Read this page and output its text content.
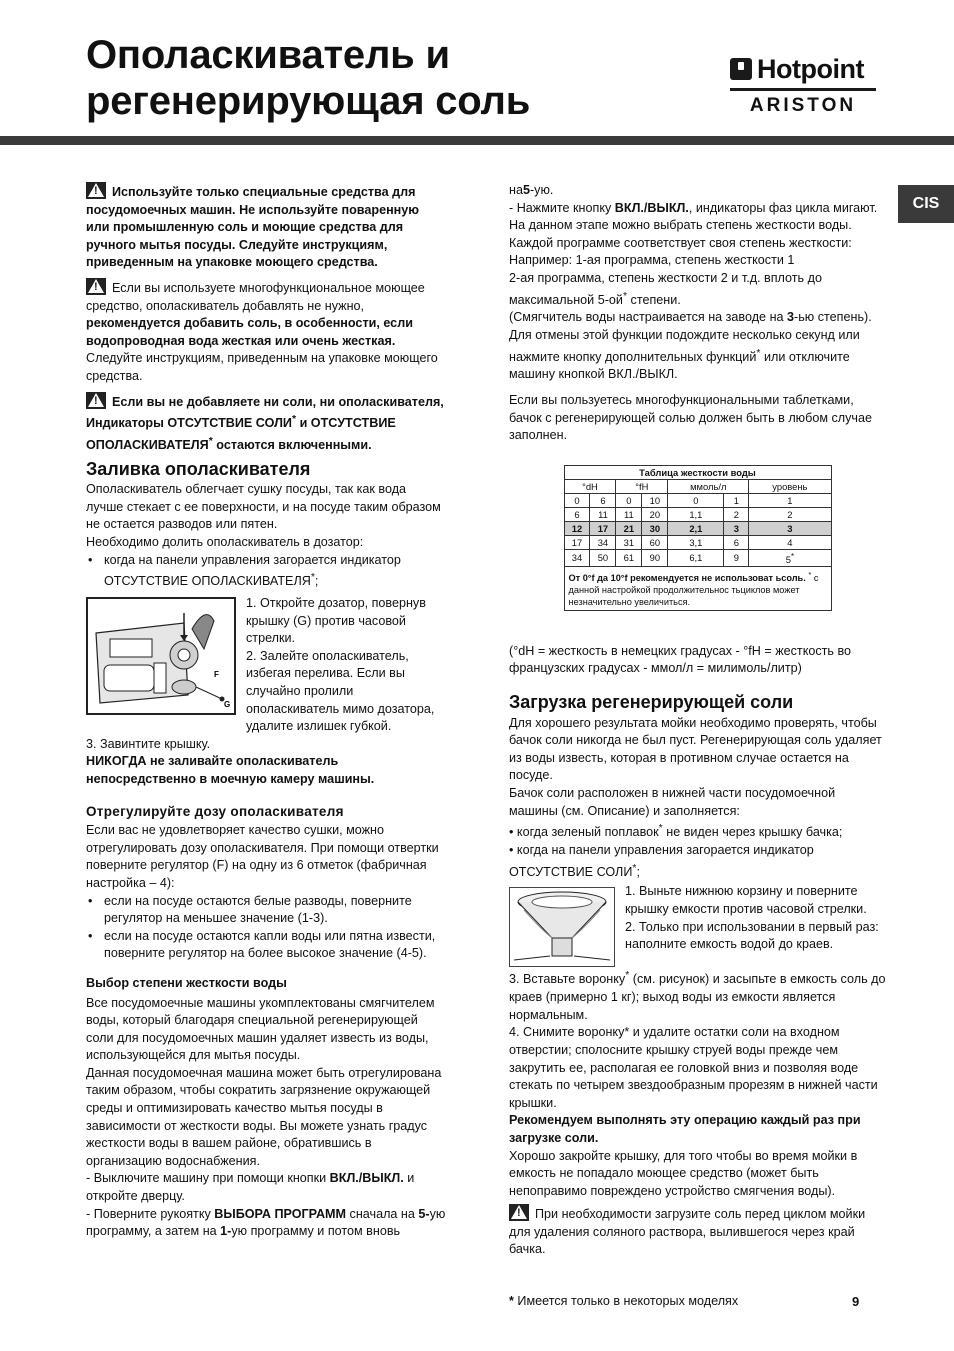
Ополаскиватель и
регенерирующая соль
Hotpoint
ARISTON
CIS

!Используйте только специальные средства для посудомоечных машин. Не используйте поваренную или промышленную соль и моющие средства для ручного мытья посуды. Следуйте инструкциям, приведенным на упаковке моющего средства.

!Если вы используете многофункциональное моющее средство, ополаскиватель добавлять не нужно, рекомендуется добавить соль, в особенности, если водопроводная вода жесткая или очень жесткая. Следуйте инструкциям, приведенным на упаковке моющего средства.

!Если вы не добавляете ни соли, ни ополаскивателя, Индикаторы ОТСУТСТВИЕ СОЛИ* и ОТСУТСТВИЕ ОПОЛАСКИВАТЕЛЯ* остаются включенными.

Заливка ополаскивателя

Ополаскиватель облегчает сушку посуды, так как вода лучше стекает с ее поверхности, и на посуде таким образом не остается разводов или пятен.

Необходимо долить ополаскиватель в дозатор:

• когда на панели управления загорается индикатор ОТСУТСТВИЕ ОПОЛАСКИВАТЕЛЯ*;

F
G

1. Откройте дозатор, повернув крышку (G) против часовой стрелки.

2. Залейте ополаскиватель, избегая перелива. Если вы случайно пролили ополаскиватель мимо дозатора, удалите излишек губкой.

3. Завинтите крышку.

НИКОГДА не заливайте ополаскиватель непосредственно в моечную камеру машины.

Отрегулируйте дозу ополаскивателя

Если вас не удовлетворяет качество сушки, можно отрегулировать дозу ополаскивателя. При помощи отвертки поверните регулятор (F) на одну из 6 отметок (фабричная настройка – 4):

• если на посуде остаются белые разводы, поверните регулятор на меньшее значение (1-3).

• если на посуде остаются капли воды или пятна извести, поверните регулятор на более высокое значение (4-5).

Выбор степени жесткости воды

Все посудомоечные машины укомплектованы смягчителем воды, который благодаря специальной регенерирующей соли для посудомоечных машин удаляет известь из воды, использующейся для мытья посуды.

Данная посудомоечная машина может быть отрегулирована таким образом, чтобы сократить загрязнение окружающей среды и оптимизировать качество мытья посуды в зависимости от жесткости воды. Вы можете узнать градус жесткости воды в вашем районе, обратившись в организацию водоснабжения.

- Выключите машину при помощи кнопки ВКЛ./ВЫКЛ. и откройте дверцу.

- Поверните рукоятку ВЫБОРА ПРОГРАММ сначала на 5-ую программу, а затем на 1-ую программу и потом вновь

на5-ую.

- Нажмите кнопку ВКЛ./ВЫКЛ., индикаторы фаз цикла мигают. На данном этапе можно выбрать степень жесткости воды. Каждой программе соответствует своя степень жесткости:

Например: 1-ая программа, степень жесткости 1

2-ая программа, степень жесткости 2 и т.д. вплоть до максимальной 5-ой* степени.

(Смягчитель воды настраивается на заводе на 3-ью степень).

Для отмены этой функции подождите несколько секунд или нажмите кнопку дополнительных функций* или отключите машину кнопкой ВКЛ./ВЫКЛ.

Если вы пользуетесь многофункциональными таблетками, бачок с регенерирующей солью должен быть в любом случае заполнен.

Таблица жесткости воды						
°dH		°fH		ммоль/л		уровень
0	6	0	10	0	1	1
6	11	11	20	1,1	2	2
12	17	21	30	2,1	3	3
17	34	31	60	3,1	6	4
34	50	61	90	6,1	9	5*
От 0°f да 10°f рекомендуется не использоват ьсоль. * с данной настройкой продолжительнос тьциклов может незначительно увеличиться.						

(°dH = жесткость в немецких градусах - °fH = жесткость во французских градусах - ммол/л = милимоль/литр)

Загрузка регенерирующей соли

Для хорошего результата мойки необходимо проверять, чтобы бачок соли никогда не был пуст. Регенерирующая соль удаляет из воды известь, которая в противном случае остается на посуде.

Бачок соли расположен в нижней части посудомоечной машины (см. Описание) и заполняется:

• когда зеленый поплавок* не виден через крышку бачка;

• когда на панели управления загорается индикатор ОТСУТСТВИЕ СОЛИ*;

1. Выньте нижнюю корзину и поверните крышку емкости против часовой стрелки.

2. Только при использовании в первый раз: наполните емкость водой до краев.

3. Вставьте воронку* (см. рисунок) и засыпьте в емкость соль до краев (примерно 1 кг); выход воды из емкости является нормальным.

4. Снимите воронку* и удалите остатки соли на входном отверстии; сполосните крышку струей воды прежде чем закрутить ее, располагая ее головкой вниз и позволяя воде стекать по четырем звездообразным прорезям в нижней части крышки.

Рекомендуем выполнять эту операцию каждый раз при загрузке соли.

Хорошо закройте крышку, для того чтобы во время мойки в емкость не попадало моющее средство (может быть непоправимо повреждено устройство смягчения воды).

!При необходимости загрузите соль перед циклом мойки для удаления соляного раствора, вылившегося через край бачка.

* Имеется только в некоторых моделях	9
